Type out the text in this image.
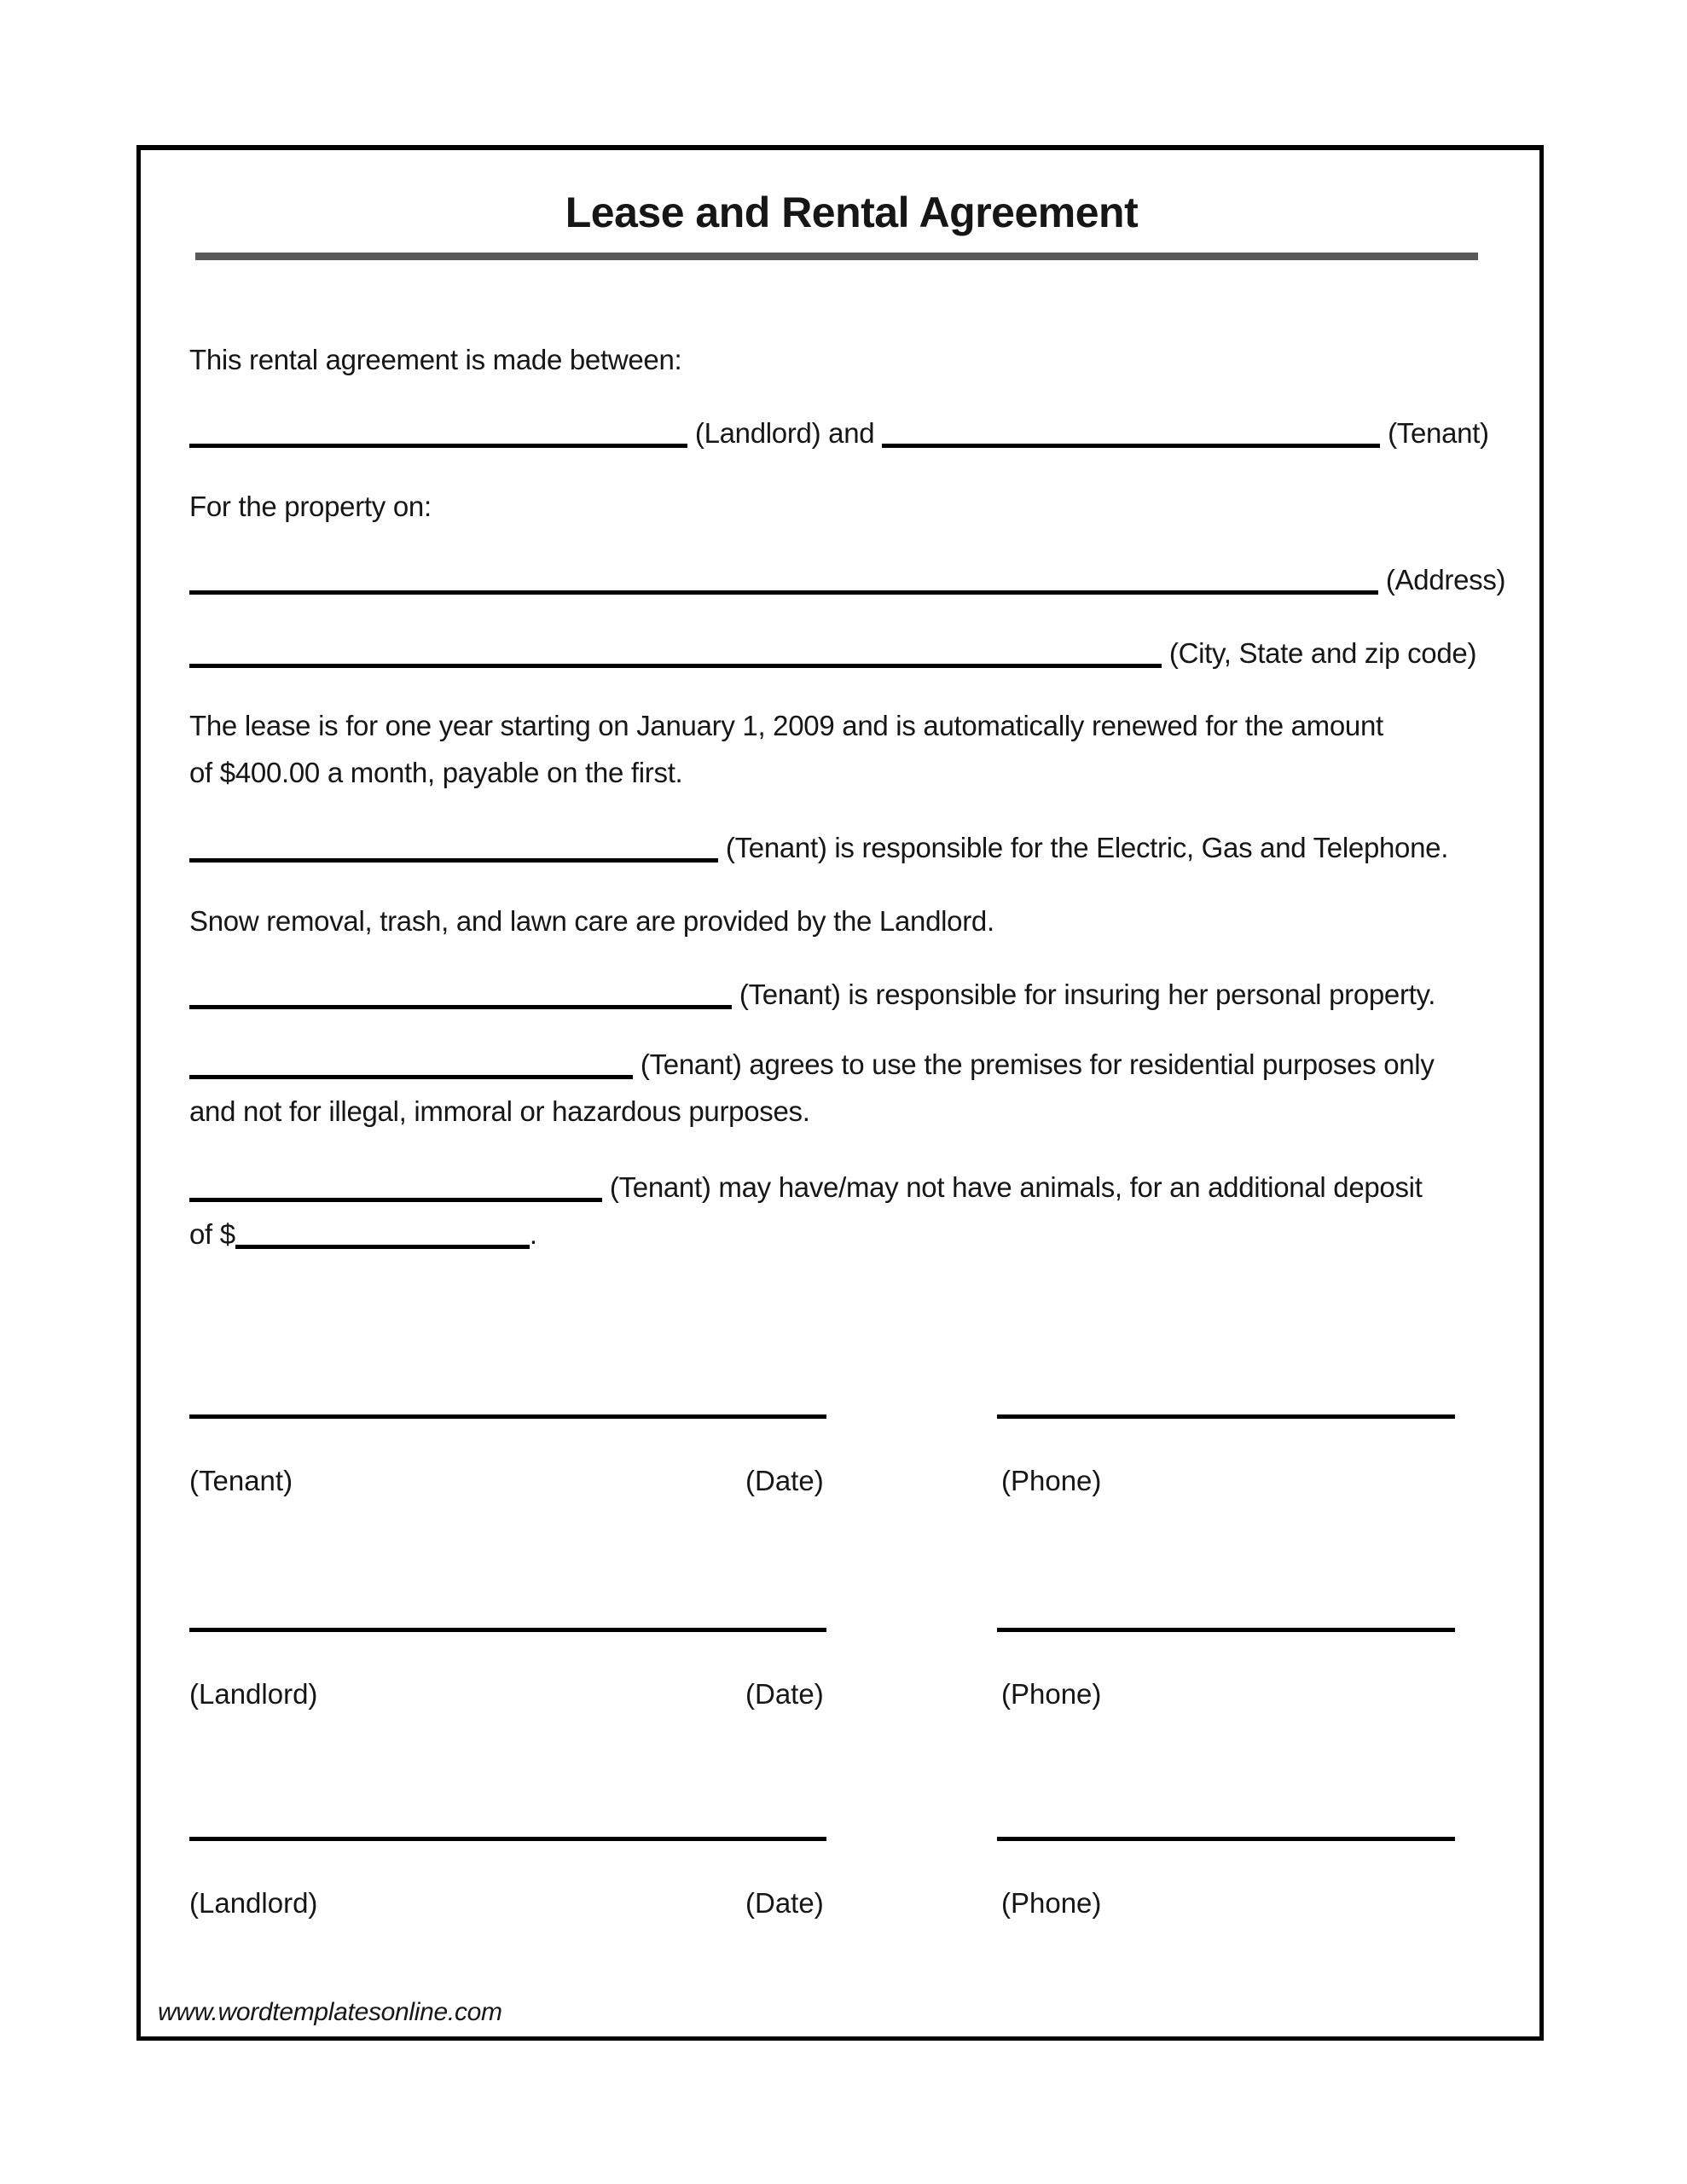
Lease and Rental Agreement

This rental agreement is made between:

(Landlord) and	(Tenant)

For the property on:

(Address)
(City, State and zip code)

The lease is for one year starting on January 1, 2009 and is automatically renewed for the amount
of $400.00 a month, payable on the first.

(Tenant) is responsible for the Electric, Gas and Telephone.

Snow removal, trash, and lawn care are provided by the Landlord.

(Tenant) is responsible for insuring her personal property.

(Tenant) agrees to use the premises for residential purposes only
and not for illegal, immoral or hazardous purposes.

(Tenant) may have/may not have animals, for an additional deposit
of $	.

(Tenant)	(Date)	(Phone)
(Landlord)	(Date)	(Phone)
(Landlord)	(Date)	(Phone)
www.wordtemplatesonline.com
